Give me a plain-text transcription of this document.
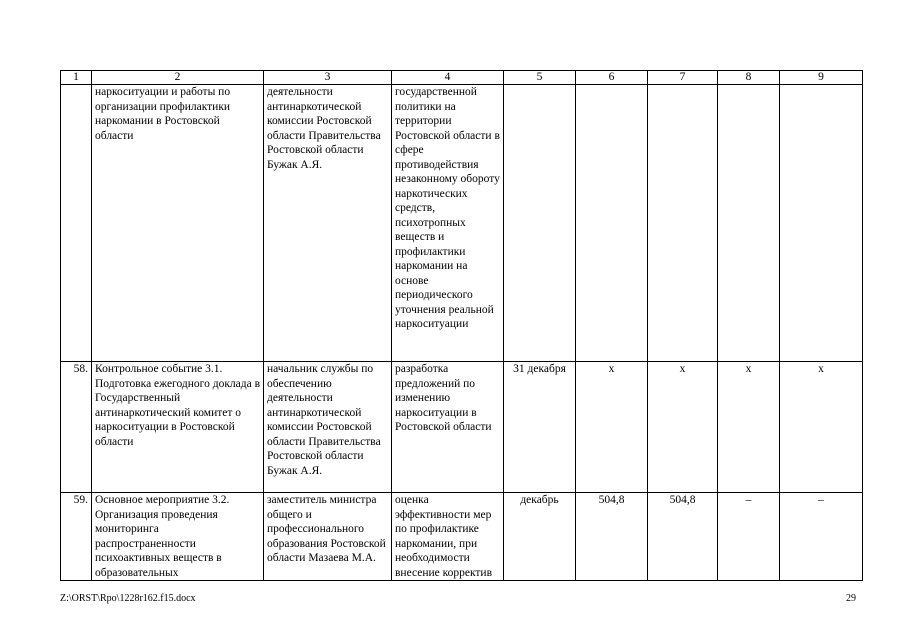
1	2	3	4	5	6	7	8	9
	наркоситуации и работы по организации профилактики наркомании в Ростовской области	деятельности антинаркотической комиссии Ростовской области Правительства Ростовской области Бужак А.Я.	государственной политики на территории Ростовской области в сфере противодействия незаконному обороту наркотических средств, психотропных веществ и профилактики наркомании на основе периодического уточнения реальной наркоситуации					
58.	Контрольное событие 3.1. Подготовка ежегодного доклада в Государственный антинаркотический комитет о наркоситуации в Ростовской области	начальник службы по обеспечению деятельности антинаркотической комиссии Ростовской области Правительства Ростовской области Бужак А.Я.	разработка предложений по изменению наркоситуации в Ростовской области	31 декабря	х	х	х	х
59.	Основное мероприятие 3.2. Организация проведения мониторинга распространенности психоактивных веществ в образовательных	заместитель министра общего и профессионального образования Ростовской области Мазаева М.А.	оценка эффективности мер по профилактике наркомании, при необходимости внесение корректив	декабрь	504,8	504,8	–	–
Z:\ORST\Rpo\1228r162.f15.docx	29
